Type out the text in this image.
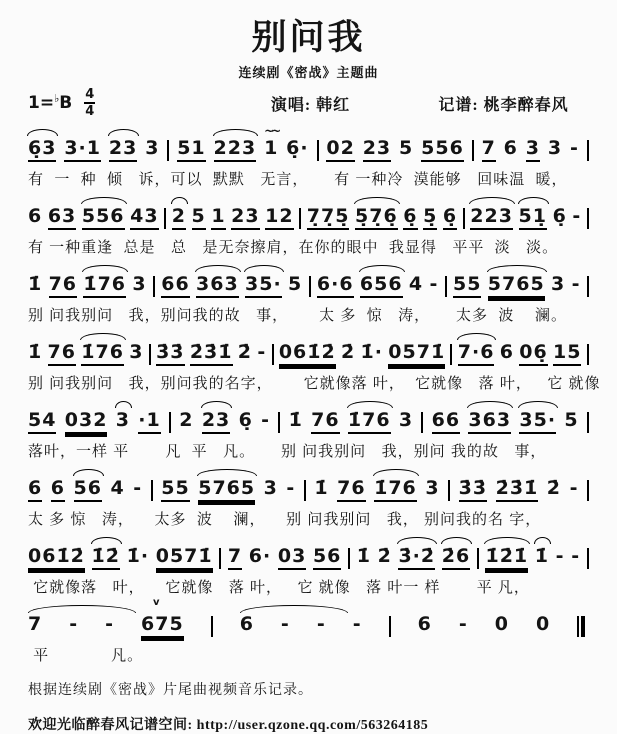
别问我
连续剧《密战》主题曲
1=♭ B 4
4	演唱: 韩红	记谱: 桃李醉春风
6̣3 3·1 23 3 51 223 1 ~~ 6̣· 02 23 5 556 7 6 3 3 -
有  一  种  倾   诉，可以  默默   无言，     有 一种冷  漠能够   回味温  暖，
6 63 556 43 2 5 1 23 12 7̣7̣5̣ 5̣7̣6̣ 6̣ 5̣ 6̣ 223 51̣ 6̣ -
有 一种重逢  总是   总   是无奈擦肩，在你的眼中  我显得   平平  淡   淡。
1̇ 76 1̇76 3 66 363 35· 5 6·6 656 4 - 55 5765 3 -
别 问我别问   我，别问我的故   事，      太 多  惊   涛，     太多  波    澜。
1̇ 76 1̇76 3 3̇3̇ 2̇3̇1̇ 2̇ - 061̇2̇ 2̇ 1̇· 0571̇ 7·6 6 06̣ 15
别 问我别问   我，别问我的名字，      它就像落 叶，  它就像   落 叶，   它 就像
54 032 3 ·1 2 23 6̣ - 1̇ 76 1̇76 3 66 363 35· 5
落叶，一样 平       凡  平   凡。     别 问我别问   我，别问 我的故   事，
6 6 56 4 - 55 5765 3 - 1̇ 76 1̇76 3 3̇3̇ 2̇3̇1̇ 2̇ -
太 多 惊   涛，    太多  波    澜，    别 问我别问   我， 别问我的名 字，
061̇2̇ 1̇2̇ 1̇· 0571̇ 7 6· 03 56 1̇ 2̇ 3̇·2̇ 2̇6 1̇2̇1̇ 1̇ - -
它就像落   叶，    它就像   落 叶，   它 就像   落 叶一 样       平 凡，
7 - - 675 v	6 - - -	6 - 0 0
平            凡。
根据连续剧《密战》片尾曲视频音乐记录。
欢迎光临醉春风记谱空间: http://user.qzone.qq.com/563264185
